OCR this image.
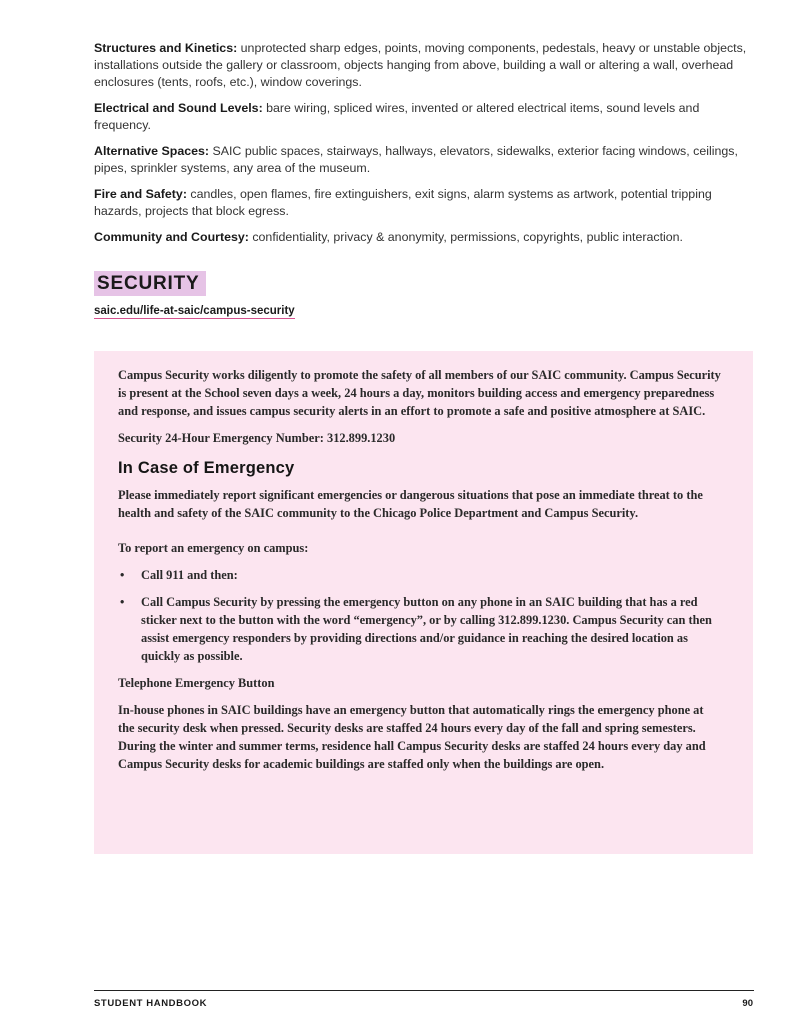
Structures and Kinetics: unprotected sharp edges, points, moving components, pedestals, heavy or unstable objects, installations outside the gallery or classroom, objects hanging from above, building a wall or altering a wall, overhead enclosures (tents, roofs, etc.), window coverings.

Electrical and Sound Levels: bare wiring, spliced wires, invented or altered electrical items, sound levels and frequency.

Alternative Spaces: SAIC public spaces, stairways, hallways, elevators, sidewalks, exterior facing windows, ceilings, pipes, sprinkler systems, any area of the museum.

Fire and Safety: candles, open flames, fire extinguishers, exit signs, alarm systems as artwork, potential tripping hazards, projects that block egress.

Community and Courtesy: confidentiality, privacy & anonymity, permissions, copyrights, public interaction.

SECURITY
saic.edu/life-at-saic/campus-security

Campus Security works diligently to promote the safety of all members of our SAIC community. Campus Security is present at the School seven days a week, 24 hours a day, monitors building access and emergency preparedness and response, and issues campus security alerts in an effort to promote a safe and positive atmosphere at SAIC.

Security 24-Hour Emergency Number: 312.899.1230

In Case of Emergency

Please immediately report significant emergencies or dangerous situations that pose an immediate threat to the health and safety of the SAIC community to the Chicago Police Department and Campus Security.

To report an emergency on campus:

• Call 911 and then:
• Call Campus Security by pressing the emergency button on any phone in an SAIC building that has a red sticker next to the button with the word “emergency”, or by calling 312.899.1230. Campus Security can then assist emergency responders by providing directions and/or guidance in reaching the desired location as quickly as possible.

Telephone Emergency Button

In-house phones in SAIC buildings have an emergency button that automatically rings the emergency phone at the security desk when pressed. Security desks are staffed 24 hours every day of the fall and spring semesters. During the winter and summer terms, residence hall Campus Security desks are staffed 24 hours every day and Campus Security desks for academic buildings are staffed only when the buildings are open.

STUDENT HANDBOOK	90
